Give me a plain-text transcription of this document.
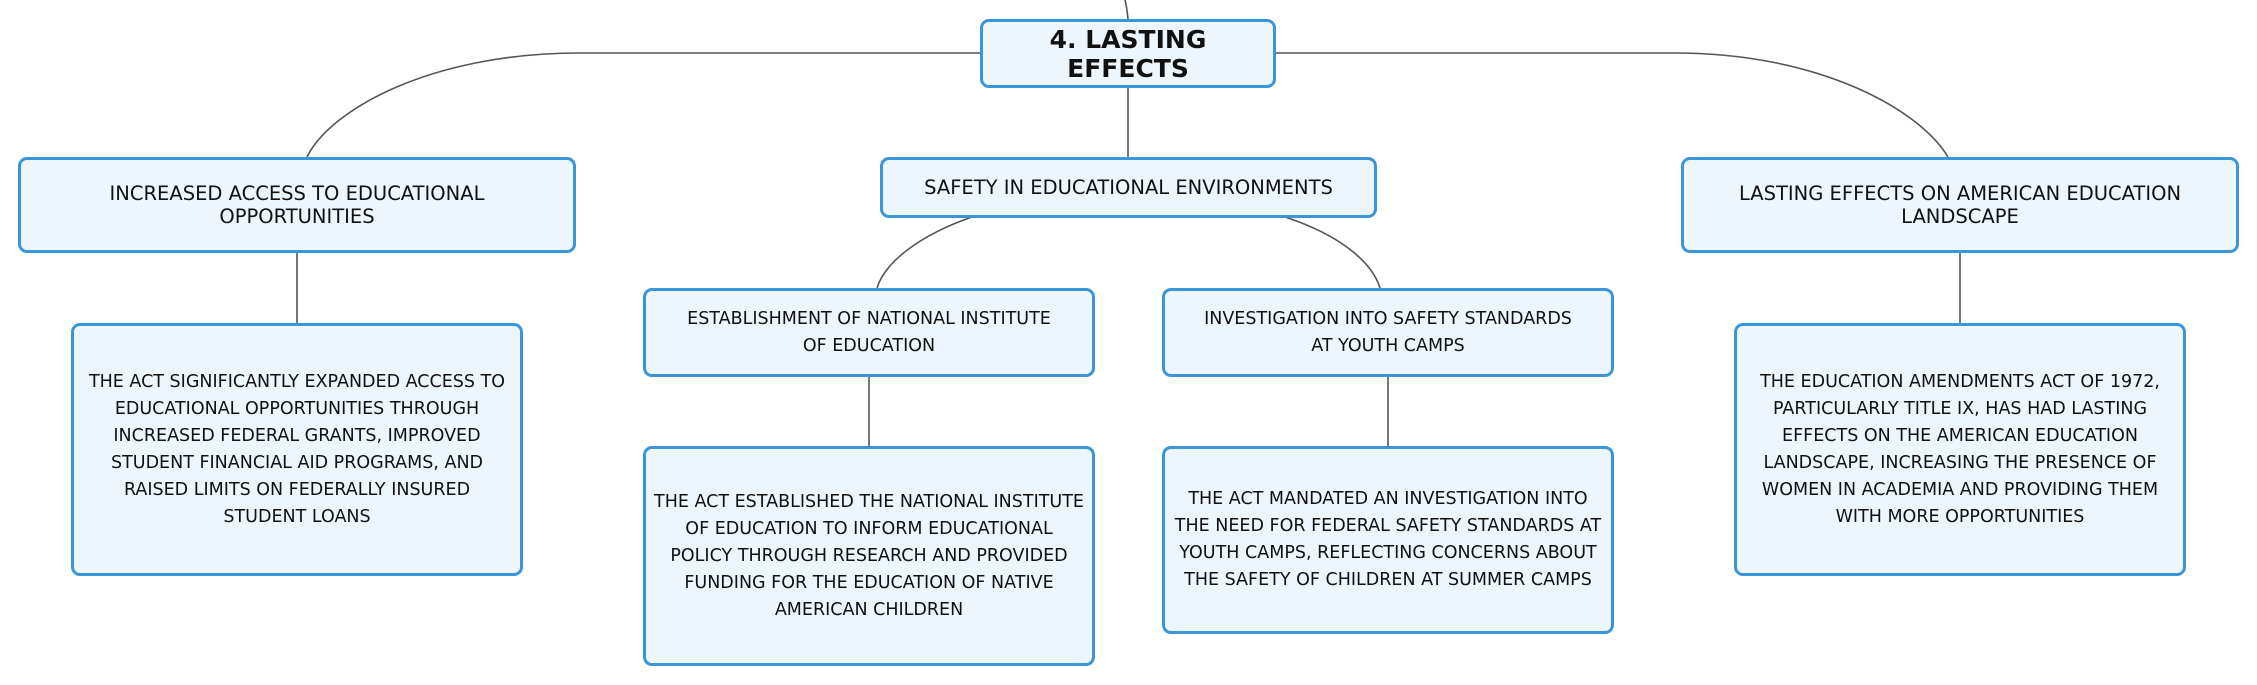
4. LASTING EFFECTS
INCREASED ACCESS TO EDUCATIONAL OPPORTUNITIES
SAFETY IN EDUCATIONAL ENVIRONMENTS	LASTING EFFECTS ON AMERICAN EDUCATION LANDSCAPE
ESTABLISHMENT OF NATIONAL INSTITUTE OF EDUCATION
INVESTIGATION INTO SAFETY STANDARDS AT YOUTH CAMPS
THE ACT SIGNIFICANTLY EXPANDED ACCESS TO EDUCATIONAL OPPORTUNITIES THROUGH INCREASED FEDERAL GRANTS, IMPROVED STUDENT FINANCIAL AID PROGRAMS, AND RAISED LIMITS ON FEDERALLY INSURED STUDENT LOANS
THE ACT ESTABLISHED THE NATIONAL INSTITUTE OF EDUCATION TO INFORM EDUCATIONAL POLICY THROUGH RESEARCH AND PROVIDED FUNDING FOR THE EDUCATION OF NATIVE AMERICAN CHILDREN
THE ACT MANDATED AN INVESTIGATION INTO THE NEED FOR FEDERAL SAFETY STANDARDS AT YOUTH CAMPS, REFLECTING CONCERNS ABOUT THE SAFETY OF CHILDREN AT SUMMER CAMPS
THE EDUCATION AMENDMENTS ACT OF 1972, PARTICULARLY TITLE IX, HAS HAD LASTING EFFECTS ON THE AMERICAN EDUCATION LANDSCAPE, INCREASING THE PRESENCE OF WOMEN IN ACADEMIA AND PROVIDING THEM WITH MORE OPPORTUNITIES
